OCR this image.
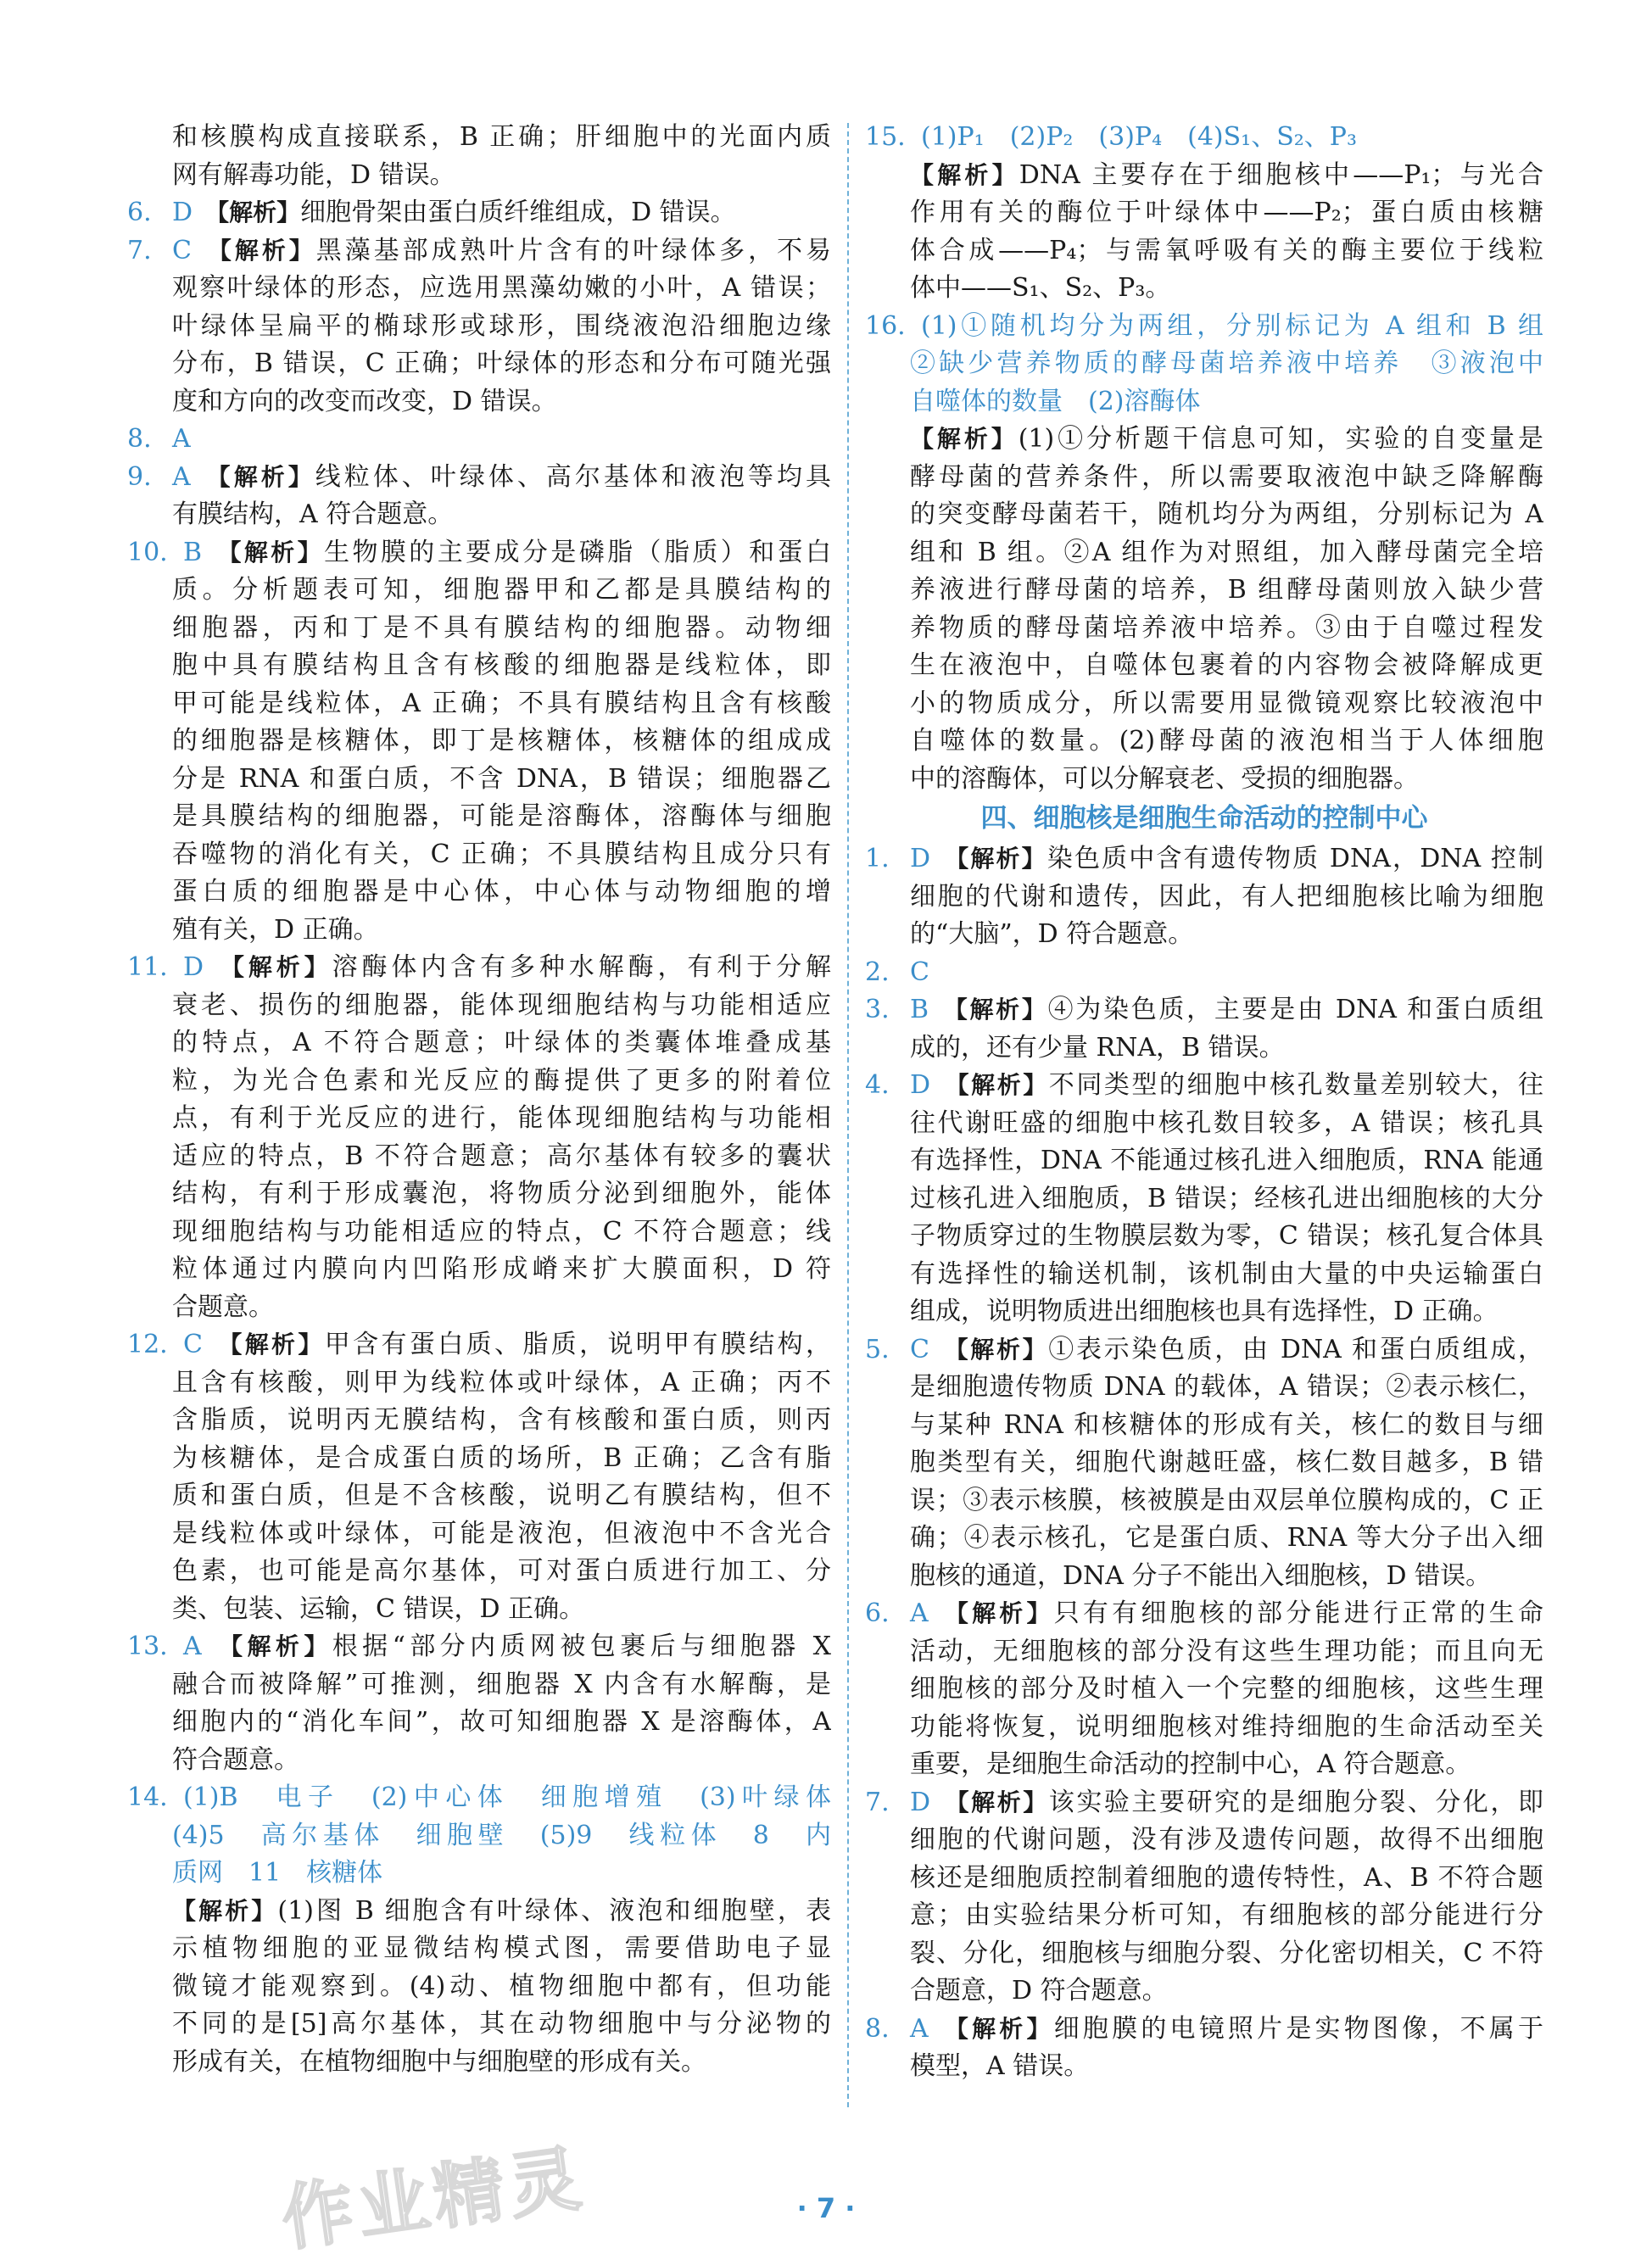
和核膜构成直接联系，B 正确；肝细胞中的光面内质
网有解毒功能，D 错误。
6. D  【解析】细胞骨架由蛋白质纤维组成，D 错误。
7. C  【解析】黑藻基部成熟叶片含有的叶绿体多，不易
观察叶绿体的形态，应选用黑藻幼嫩的小叶，A 错误；
叶绿体呈扁平的椭球形或球形，围绕液泡沿细胞边缘
分布，B 错误，C 正确；叶绿体的形态和分布可随光强
度和方向的改变而改变，D 错误。
8. A 
9. A  【解析】线粒体、叶绿体、高尔基体和液泡等均具
有膜结构，A 符合题意。
10. B  【解析】生物膜的主要成分是磷脂（脂质）和蛋白
质。分析题表可知，细胞器甲和乙都是具膜结构的
细胞器，丙和丁是不具有膜结构的细胞器。动物细
胞中具有膜结构且含有核酸的细胞器是线粒体，即
甲可能是线粒体，A 正确；不具有膜结构且含有核酸
的细胞器是核糖体，即丁是核糖体，核糖体的组成成
分是 RNA 和蛋白质，不含 DNA，B 错误；细胞器乙
是具膜结构的细胞器，可能是溶酶体，溶酶体与细胞
吞噬物的消化有关，C 正确；不具膜结构且成分只有
蛋白质的细胞器是中心体，中心体与动物细胞的增
殖有关，D 正确。
11. D  【解析】溶酶体内含有多种水解酶，有利于分解
衰老、损伤的细胞器，能体现细胞结构与功能相适应
的特点，A 不符合题意；叶绿体的类囊体堆叠成基
粒，为光合色素和光反应的酶提供了更多的附着位
点，有利于光反应的进行，能体现细胞结构与功能相
适应的特点，B 不符合题意；高尔基体有较多的囊状
结构，有利于形成囊泡，将物质分泌到细胞外，能体
现细胞结构与功能相适应的特点，C 不符合题意；线
粒体通过内膜向内凹陷形成嵴来扩大膜面积，D 符
合题意。
12. C  【解析】甲含有蛋白质、脂质，说明甲有膜结构，
且含有核酸，则甲为线粒体或叶绿体，A 正确；丙不
含脂质，说明丙无膜结构，含有核酸和蛋白质，则丙
为核糖体，是合成蛋白质的场所，B 正确；乙含有脂
质和蛋白质，但是不含核酸，说明乙有膜结构，但不
是线粒体或叶绿体，可能是液泡，但液泡中不含光合
色素，也可能是高尔基体，可对蛋白质进行加工、分
类、包装、运输，C 错误，D 正确。
13. A  【解析】根据“部分内质网被包裹后与细胞器 X
融合而被降解”可推测，细胞器 X 内含有水解酶，是
细胞内的“消化车间”，故可知细胞器 X 是溶酶体，A
符合题意。
14. (1)B　电子　(2)中心体　细胞增殖　(3)叶绿体
(4)5　高尔基体　细胞壁　(5)9　线粒体　8　内
质网　11　核糖体
【解析】(1)图 B 细胞含有叶绿体、液泡和细胞壁，表
示植物细胞的亚显微结构模式图，需要借助电子显
微镜才能观察到。(4)动、植物细胞中都有，但功能
不同的是[5]高尔基体，其在动物细胞中与分泌物的
形成有关，在植物细胞中与细胞壁的形成有关。
15. (1)P₁　(2)P₂　(3)P₄　(4)S₁、S₂、P₃
【解析】DNA 主要存在于细胞核中——P₁；与光合
作用有关的酶位于叶绿体中——P₂；蛋白质由核糖
体合成——P₄；与需氧呼吸有关的酶主要位于线粒
体中——S₁、S₂、P₃。
16. (1)①随机均分为两组，分别标记为 A 组和 B 组
②缺少营养物质的酵母菌培养液中培养　③液泡中
自噬体的数量　(2)溶酶体
【解析】(1)①分析题干信息可知，实验的自变量是
酵母菌的营养条件，所以需要取液泡中缺乏降解酶
的突变酵母菌若干，随机均分为两组，分别标记为 A
组和 B 组。②A 组作为对照组，加入酵母菌完全培
养液进行酵母菌的培养，B 组酵母菌则放入缺少营
养物质的酵母菌培养液中培养。③由于自噬过程发
生在液泡中，自噬体包裹着的内容物会被降解成更
小的物质成分，所以需要用显微镜观察比较液泡中
自噬体的数量。(2)酵母菌的液泡相当于人体细胞
中的溶酶体，可以分解衰老、受损的细胞器。
四、细胞核是细胞生命活动的控制中心
1. D  【解析】染色质中含有遗传物质 DNA，DNA 控制
细胞的代谢和遗传，因此，有人把细胞核比喻为细胞
的“大脑”，D 符合题意。
2. C 
3. B  【解析】④为染色质，主要是由 DNA 和蛋白质组
成的，还有少量 RNA，B 错误。
4. D  【解析】不同类型的细胞中核孔数量差别较大，往
往代谢旺盛的细胞中核孔数目较多，A 错误；核孔具
有选择性，DNA 不能通过核孔进入细胞质，RNA 能通
过核孔进入细胞质，B 错误；经核孔进出细胞核的大分
子物质穿过的生物膜层数为零，C 错误；核孔复合体具
有选择性的输送机制，该机制由大量的中央运输蛋白
组成，说明物质进出细胞核也具有选择性，D 正确。
5. C  【解析】①表示染色质，由 DNA 和蛋白质组成，
是细胞遗传物质 DNA 的载体，A 错误；②表示核仁，
与某种 RNA 和核糖体的形成有关，核仁的数目与细
胞类型有关，细胞代谢越旺盛，核仁数目越多，B 错
误；③表示核膜，核被膜是由双层单位膜构成的，C 正
确；④表示核孔，它是蛋白质、RNA 等大分子出入细
胞核的通道，DNA 分子不能出入细胞核，D 错误。
6. A  【解析】只有有细胞核的部分能进行正常的生命
活动，无细胞核的部分没有这些生理功能；而且向无
细胞核的部分及时植入一个完整的细胞核，这些生理
功能将恢复，说明细胞核对维持细胞的生命活动至关
重要，是细胞生命活动的控制中心，A 符合题意。
7. D  【解析】该实验主要研究的是细胞分裂、分化，即
细胞的代谢问题，没有涉及遗传问题，故得不出细胞
核还是细胞质控制着细胞的遗传特性，A、B 不符合题
意；由实验结果分析可知，有细胞核的部分能进行分
裂、分化，细胞核与细胞分裂、分化密切相关，C 不符
合题意，D 符合题意。
8. A  【解析】细胞膜的电镜照片是实物图像，不属于
模型，A 错误。
· 7 ·
作业精灵
